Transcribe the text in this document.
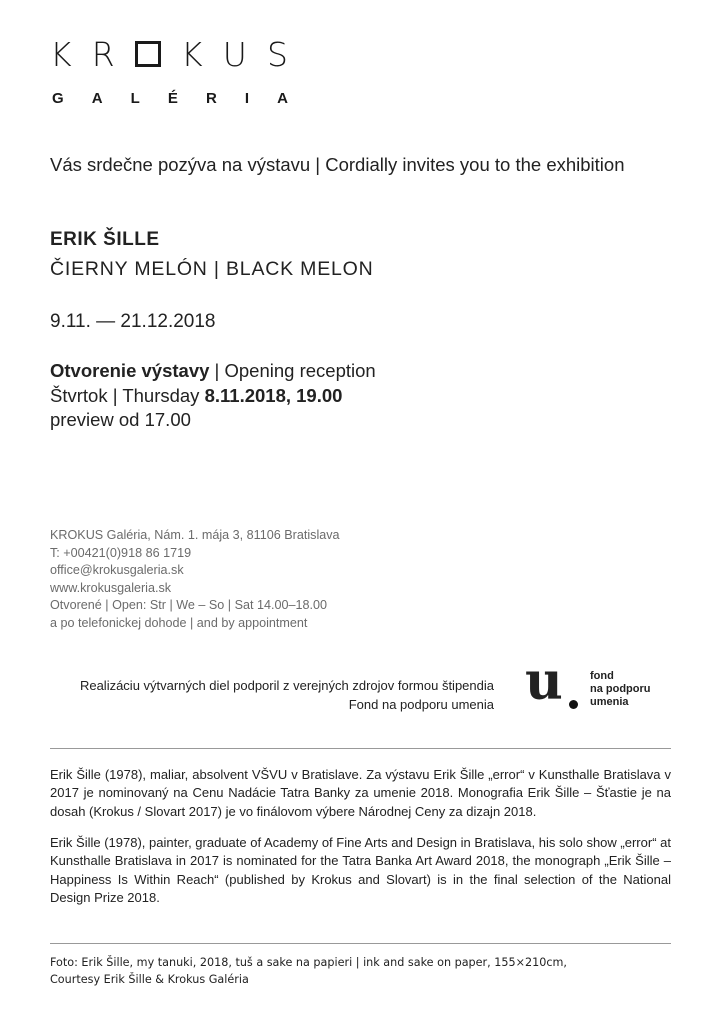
K R K U S
G A L É R I A
Vás srdečne pozýva na výstavu | Cordially invites you to the exhibition
ERIK ŠILLE
ČIERNY MELÓN | BLACK MELON
9.11. — 21.12.2018
Otvorenie výstavy | Opening reception
Štvrtok | Thursday 8.11.2018, 19.00
preview od 17.00
KROKUS Galéria, Nám. 1. mája 3, 81106 Bratislava
T: +00421(0)918 86 1719
office@krokusgaleria.sk
www.krokusgaleria.sk
Otvorené | Open: Str | We – So | Sat 14.00–18.00
a po telefonickej dohode | and by appointment
Realizáciu výtvarných diel podporil z verejných zdrojov formou štipendia
Fond na podporu umenia u fond
na podporu
umenia
Erik Šille (1978), maliar, absolvent VŠVU v Bratislave. Za výstavu Erik Šille „error“ v Kunsthalle Bratislava v 2017 je nominovaný na Cenu Nadácie Tatra Banky za umenie 2018. Monografia Erik Šille – Šťastie je na dosah (Krokus / Slovart 2017) je vo finálovom výbere Národnej Ceny za dizajn 2018.
Erik Šille (1978), painter, graduate of Academy of Fine Arts and Design in Bratislava, his solo show „error“ at Kunsthalle Bratislava in 2017 is nominated for the Tatra Banka Art Award 2018, the monograph „Erik Šille – Happiness Is Within Reach“ (published by Krokus and Slovart) is in the final selection of the National Design Prize 2018.
Foto: Erik Šille, my tanuki, 2018, tuš a sake na papieri | ink and sake on paper, 155×210cm,
Courtesy Erik Šille & Krokus Galéria
